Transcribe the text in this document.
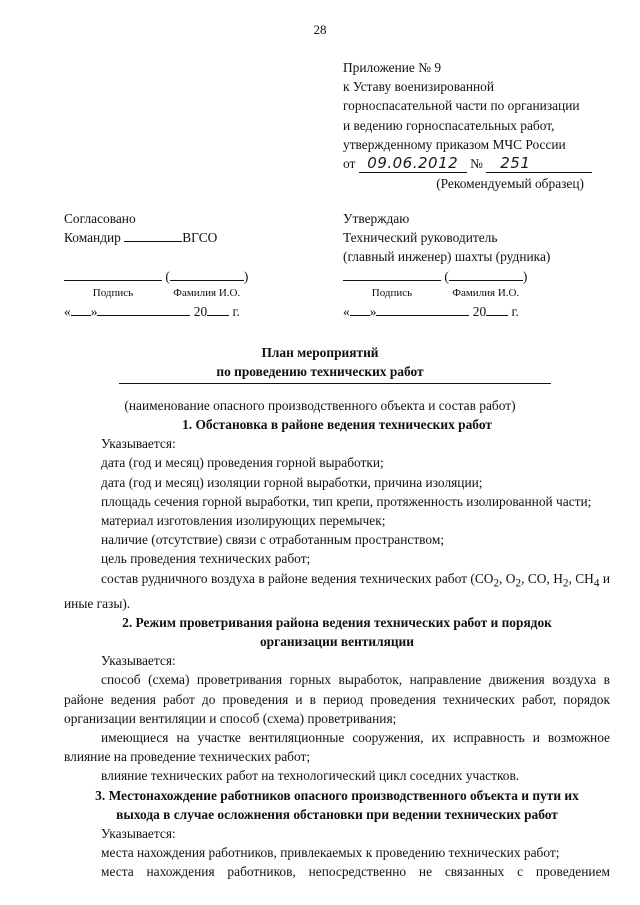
28
Приложение № 9
к Уставу военизированной
горноспасательной части по организации
и ведению горноспасательных работ,
утвержденному приказом МЧС России
от 09.06.2012 № 251
(Рекомендуемый образец)
Согласовано
Командир	ВГСО
(	)
Подпись	Фамилия И.О.
« »	20 г.
Утверждаю
Технический руководитель
(главный инженер) шахты (рудника)
(	)
Подпись	Фамилия И.О.
« »	20 г.
План мероприятий
по проведению технических работ
(наименование опасного производственного объекта и состав работ)

1. Обстановка в районе ведения технических работ

Указывается:

дата (год и месяц) проведения горной выработки;

дата (год и месяц) изоляции горной выработки, причина изоляции;

площадь сечения горной выработки, тип крепи, протяженность изолированной части;

материал изготовления изолирующих перемычек;

наличие (отсутствие) связи с отработанным пространством;

цель проведения технических работ;

состав рудничного воздуха в районе ведения технических работ ($СО_2$, $О_2$, СО, $Н_2$, $СН_4$ и иные газы).

2. Режим проветривания района ведения технических работ и порядок

организации вентиляции

Указывается:

способ (схема) проветривания горных выработок, направление движения воздуха в районе ведения работ до проведения и в период проведения технических работ, порядок организации вентиляции и способ (схема) проветривания;

имеющиеся на участке вентиляционные сооружения, их исправность и возможное влияние на проведение технических работ;

влияние технических работ на технологический цикл соседних участков.

3. Местонахождение работников опасного производственного объекта и пути их

выхода в случае осложнения обстановки при ведении технических работ

Указывается:

места нахождения работников, привлекаемых к проведению технических работ;

места нахождения работников, непосредственно не связанных с проведением
